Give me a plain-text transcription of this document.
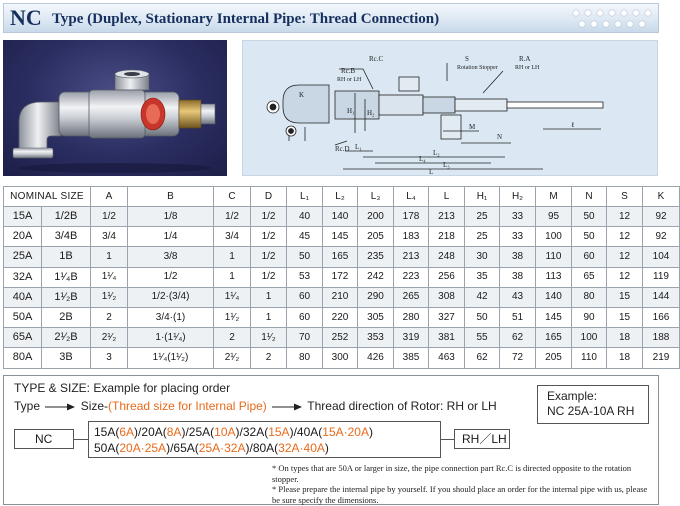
NC Type (Duplex, Stationary Internal Pipe: Thread Connection)
Rc.C
Rc.B
RH or LH
S
Rotation Stopper
R.A
RH or LH
Rc.D
K
H₁ H₂
N
M	ℓ
L₂
L₄
L₃
L
L₁
NOMINAL SIZE		A	B	C	D	L₁	L₂	L₃	L₄	L	H₁	H₂	M	N	S	K
15A	1/2B	1/2	1/8	1/2	1/2	40	140	200	178	213	25	33	95	50	12	92
20A	3/4B	3/4	1/4	3/4	1/2	45	145	205	183	218	25	33	100	50	12	92
25A	1B	1	3/8	1	1/2	50	165	235	213	248	30	38	110	60	12	104
32A	1¹⁄₄B	1¹⁄₄	1/2	1	1/2	53	172	242	223	256	35	38	113	65	12	119
40A	1¹⁄₂B	1¹⁄₂	1/2·(3/4)	1¹⁄₄	1	60	210	290	265	308	42	43	140	80	15	144
50A	2B	2	3/4·(1)	1¹⁄₂	1	60	220	305	280	327	50	51	145	90	15	166
65A	2¹⁄₂B	2¹⁄₂	1·(1¹⁄₄)	2	1¹⁄₂	70	252	353	319	381	55	62	165	100	18	188
80A	3B	3	1¹⁄₄(1¹⁄₂)	2¹⁄₂	2	80	300	426	385	463	62	72	205	110	18	219
TYPE & SIZE: Example for placing order
Type	Size-(Thread size for Internal Pipe)	Thread direction of Rotor: RH or LH
Example:
NC 25A-10A RH
NC	15A(6A)/20A(8A)/25A(10A)/32A(15A)/40A(15A·20A)
50A(20A·25A)/65A(25A·32A)/80A(32A·40A)
RH／LH
* On types that are 50A or larger in size, the pipe connection part Rc.C is directed opposite to the rotation stopper.
* Please prepare the internal pipe by yourself. If you should place an order for the internal pipe with us, please be sure specify the dimensions.
